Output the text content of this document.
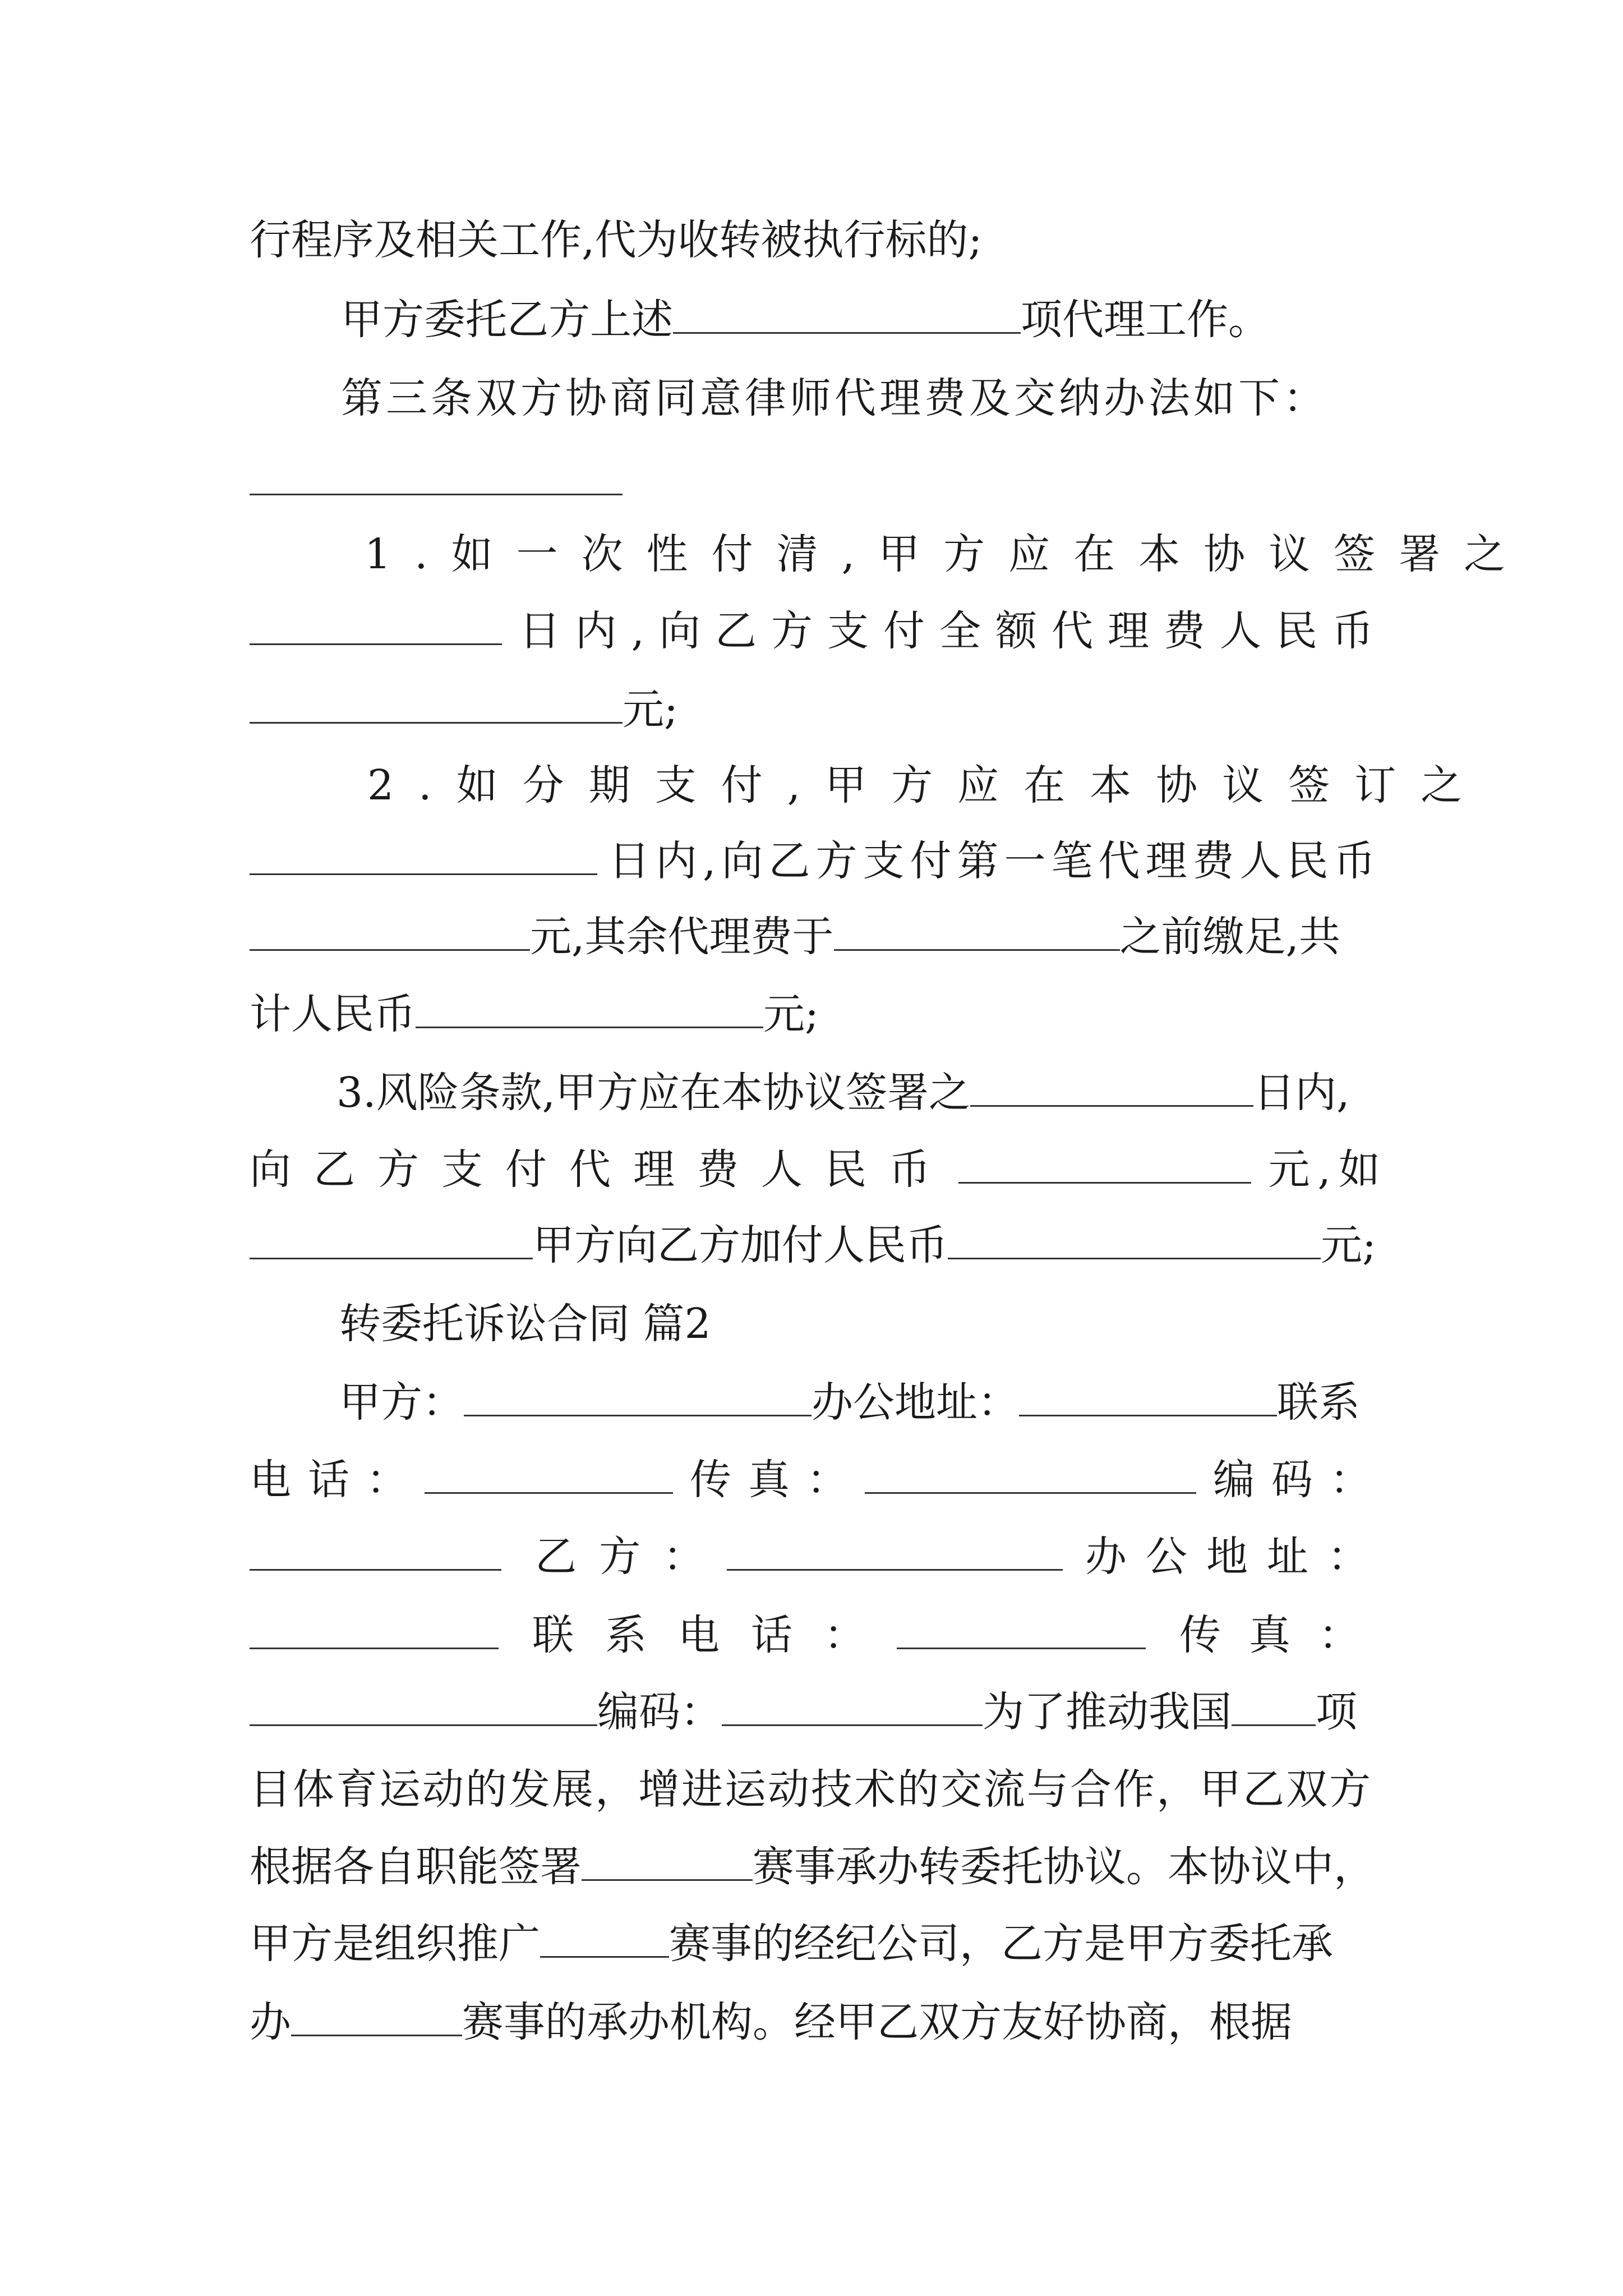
行程序及相关工作,代为收转被执行标的;
甲方委托乙方上述	项代理工作。
第三条双方协商同意律师代理费及交纳办法如下：
1.如一次性付清,甲方应在本协议签署之
日内,向乙方支付全额代理费人民币
元;
2.如分期支付,甲方应在本协议签订之
日内,向乙方支付第一笔代理费人民币
元,其余代理费于	之前缴足,共
计人民币	元;
3.风险条款,甲方应在本协议签署之	日内,
向乙方支付代理费人民币	元,如
甲方向乙方加付人民币	元;
转委托诉讼合同 篇2
甲方：	办公地址：	联系
电话：	传真：	编码：
乙方：	办公地址：
联系电话：	传真：
编码：	为了推动我国 项
目体育运动的发展，增进运动技术的交流与合作，甲乙双方
根据各自职能签署	赛事承办转委托协议。本协议中，
甲方是组织推广	赛事的经纪公司，乙方是甲方委托承
办	赛事的承办机构。经甲乙双方友好协商，根据
